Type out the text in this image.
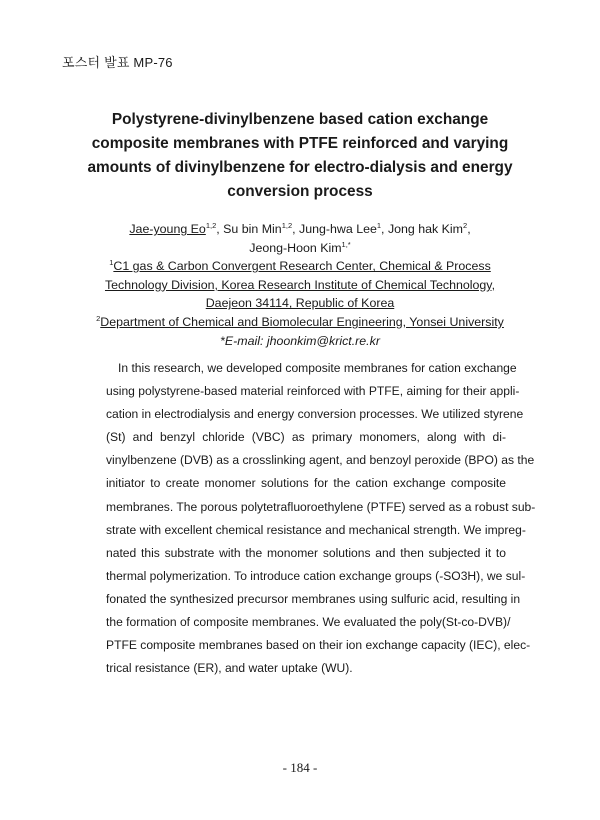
포스터 발표 MP-76
Polystyrene-divinylbenzene based cation exchange
composite membranes with PTFE reinforced and varying
amounts of divinylbenzene for electro-dialysis and energy
conversion process
Jae-young Eo$^{1,2}$, Su bin Min$^{1,2}$, Jung-hwa Lee$^1$, Jong hak Kim$^2$,
Jeong-Hoon Kim$^{1,*}$
$^1$C1 gas & Carbon Convergent Research Center, Chemical & Process
Technology Division, Korea Research Institute of Chemical Technology,
Daejeon 34114, Republic of Korea
$^2$Department of Chemical and Biomolecular Engineering, Yonsei University
*E-mail: jhoonkim@krict.re.kr
In this research, we developed composite membranes for cation exchange
using polystyrene-based material reinforced with PTFE, aiming for their appli-
cation in electrodialysis and energy conversion processes. We utilized styrene
(St) and benzyl chloride (VBC) as primary monomers, along with di-
vinylbenzene (DVB) as a crosslinking agent, and benzoyl peroxide (BPO) as the
initiator to create monomer solutions for the cation exchange composite
membranes. The porous polytetrafluoroethylene (PTFE) served as a robust sub-
strate with excellent chemical resistance and mechanical strength. We impreg-
nated this substrate with the monomer solutions and then subjected it to
thermal polymerization. To introduce cation exchange groups (-SO3H), we sul-
fonated the synthesized precursor membranes using sulfuric acid, resulting in
the formation of composite membranes. We evaluated the poly(St-co-DVB)/
PTFE composite membranes based on their ion exchange capacity (IEC), elec-
trical resistance (ER), and water uptake (WU).
- 184 -
